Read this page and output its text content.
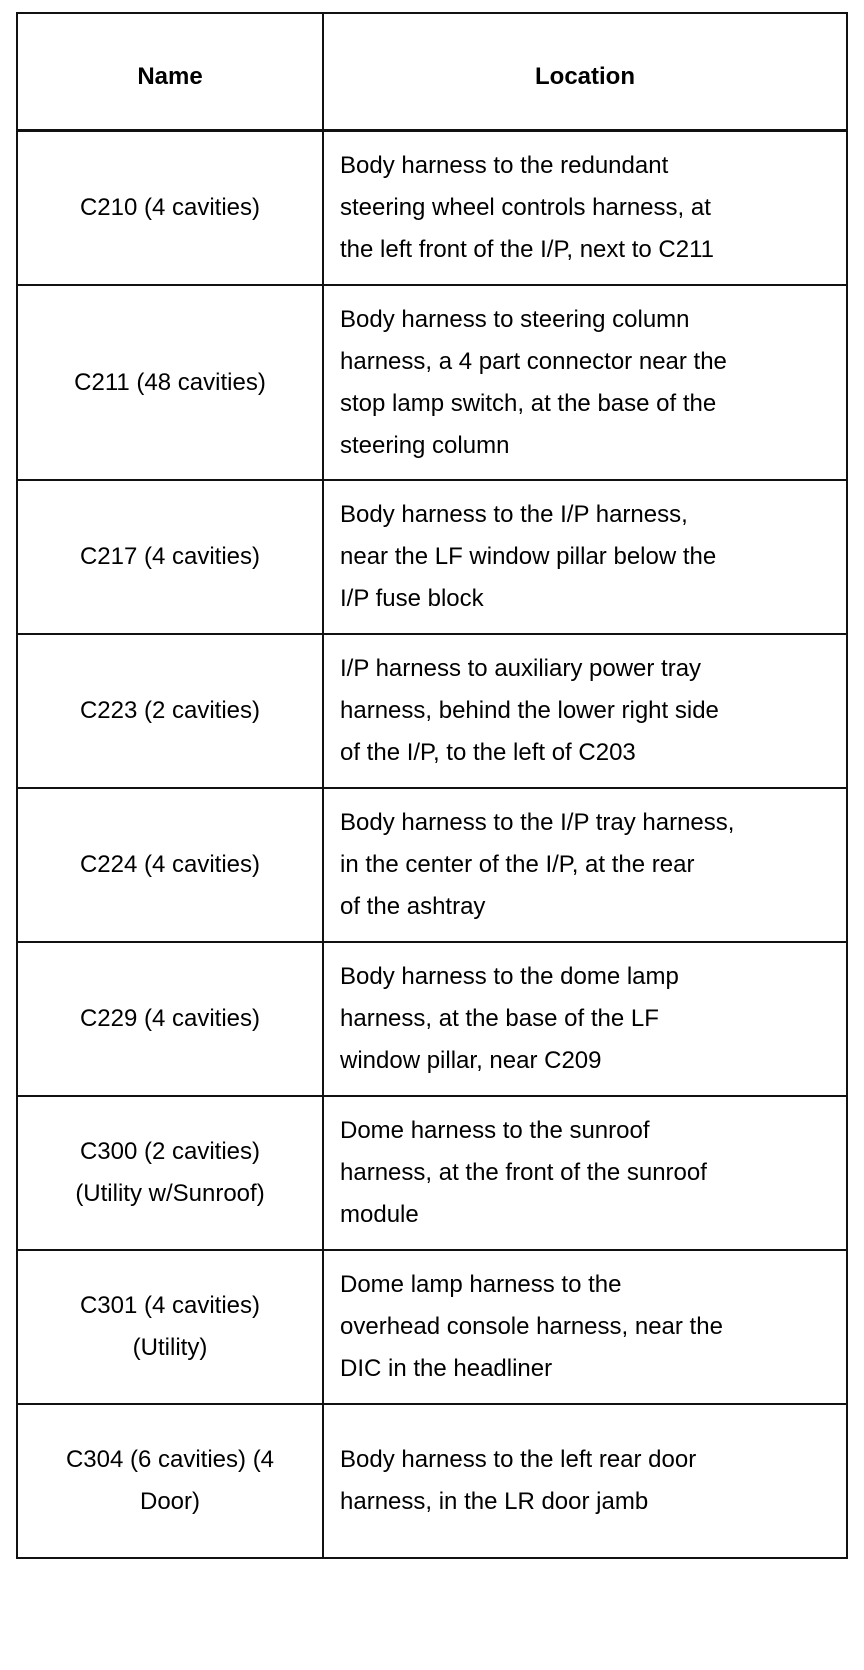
Name	Location

C210 (4 cavities)	Body harness to the redundant
steering wheel controls harness, at
the left front of the I/P, next to C211

C211 (48 cavities)	Body harness to steering column
harness, a 4 part connector near the
stop lamp switch, at the base of the
steering column

C217 (4 cavities)	Body harness to the I/P harness,
near the LF window pillar below the
I/P fuse block

C223 (2 cavities)	I/P harness to auxiliary power tray
harness, behind the lower right side
of the I/P, to the left of C203

C224 (4 cavities)	Body harness to the I/P tray harness,
in the center of the I/P, at the rear
of the ashtray

C229 (4 cavities)	Body harness to the dome lamp
harness, at the base of the LF
window pillar, near C209

C300 (2 cavities)
(Utility w/Sunroof)	Dome harness to the sunroof
harness, at the front of the sunroof
module

C301 (4 cavities)
(Utility)	Dome lamp harness to the
overhead console harness, near the
DIC in the headliner

C304 (6 cavities) (4
Door)	Body harness to the left rear door
harness, in the LR door jamb
